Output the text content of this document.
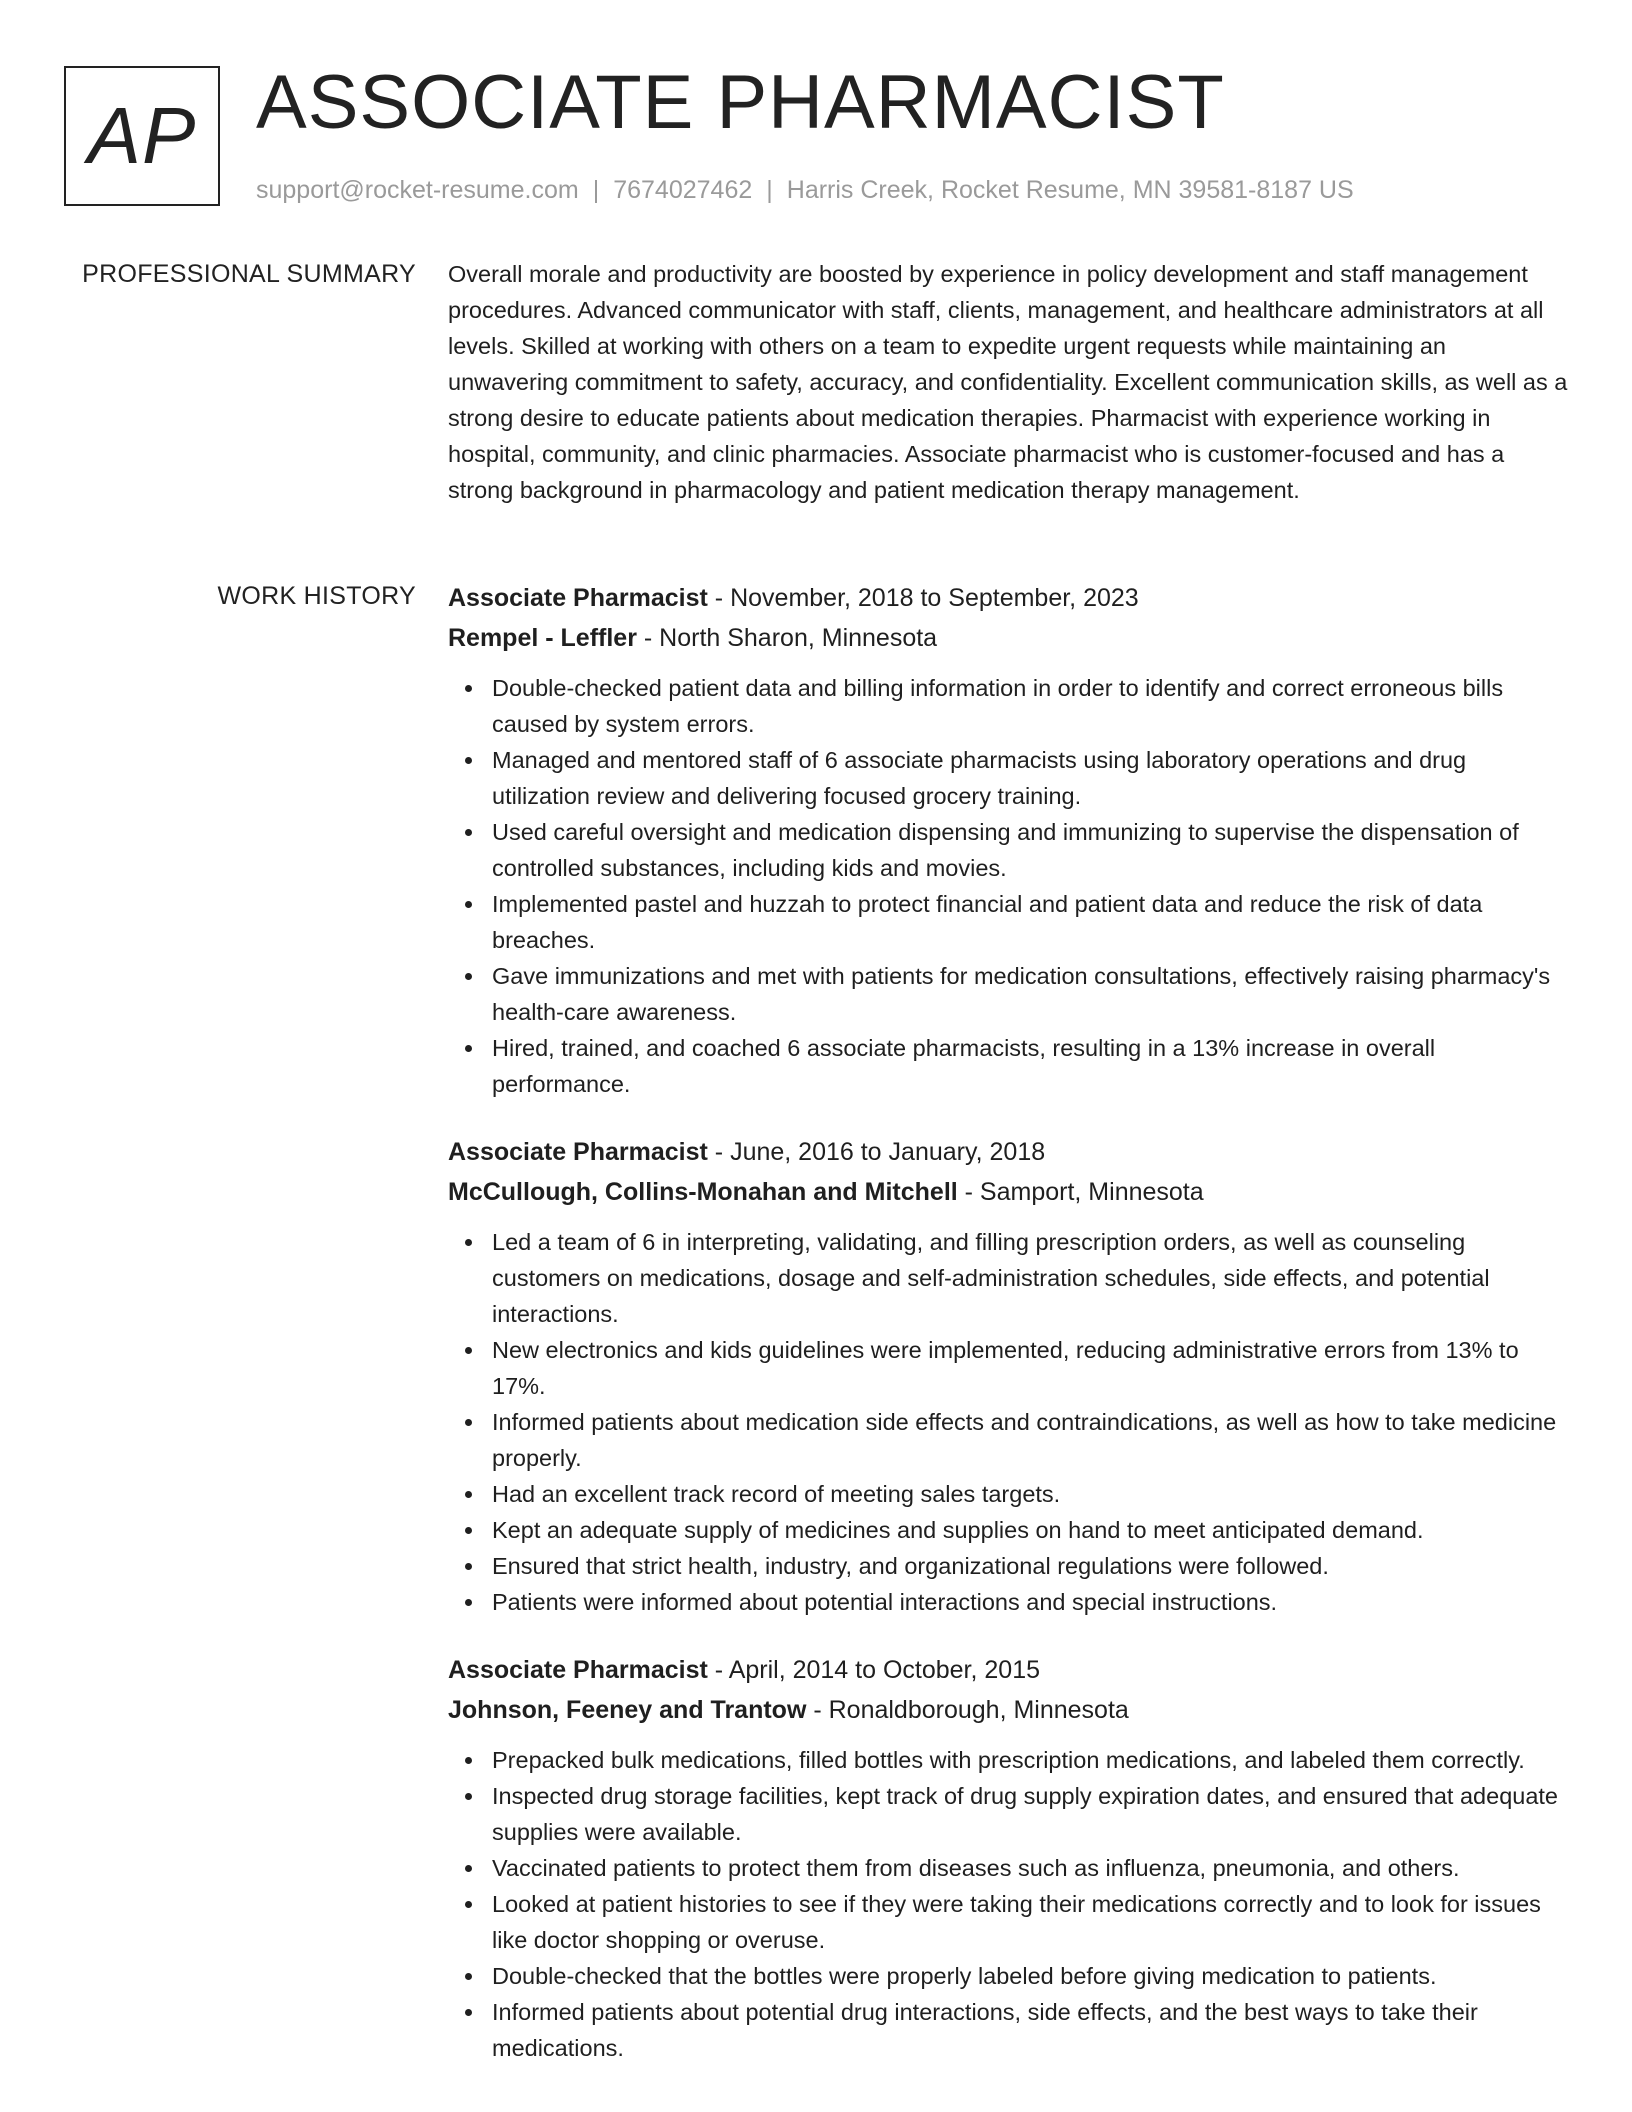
AP ASSOCIATE PHARMACIST
support@rocket-resume.com | 7674027462 | Harris Creek, Rocket Resume, MN 39581-8187 US
PROFESSIONAL SUMMARY Overall morale and productivity are boosted by experience in policy development and staff management procedures. Advanced communicator with staff, clients, management, and healthcare administrators at all levels. Skilled at working with others on a team to expedite urgent requests while maintaining an unwavering commitment to safety, accuracy, and confidentiality. Excellent communication skills, as well as a strong desire to educate patients about medication therapies. Pharmacist with experience working in hospital, community, and clinic pharmacies. Associate pharmacist who is customer-focused and has a strong background in pharmacology and patient medication therapy management.

WORK HISTORY Associate Pharmacist - November, 2018 to September, 2023
Rempel - Leffler - North Sharon, Minnesota
Double-checked patient data and billing information in order to identify and correct erroneous bills caused by system errors.
Managed and mentored staff of 6 associate pharmacists using laboratory operations and drug utilization review and delivering focused grocery training.
Used careful oversight and medication dispensing and immunizing to supervise the dispensation of controlled substances, including kids and movies.
Implemented pastel and huzzah to protect financial and patient data and reduce the risk of data breaches.
Gave immunizations and met with patients for medication consultations, effectively raising pharmacy's health-care awareness.
Hired, trained, and coached 6 associate pharmacists, resulting in a 13% increase in overall performance.
Associate Pharmacist - June, 2016 to January, 2018
McCullough, Collins-Monahan and Mitchell - Samport, Minnesota
Led a team of 6 in interpreting, validating, and filling prescription orders, as well as counseling customers on medications, dosage and self-administration schedules, side effects, and potential interactions.
New electronics and kids guidelines were implemented, reducing administrative errors from 13% to 17%.
Informed patients about medication side effects and contraindications, as well as how to take medicine properly.
Had an excellent track record of meeting sales targets.
Kept an adequate supply of medicines and supplies on hand to meet anticipated demand.
Ensured that strict health, industry, and organizational regulations were followed.
Patients were informed about potential interactions and special instructions.
Associate Pharmacist - April, 2014 to October, 2015
Johnson, Feeney and Trantow - Ronaldborough, Minnesota
Prepacked bulk medications, filled bottles with prescription medications, and labeled them correctly.
Inspected drug storage facilities, kept track of drug supply expiration dates, and ensured that adequate supplies were available.
Vaccinated patients to protect them from diseases such as influenza, pneumonia, and others.
Looked at patient histories to see if they were taking their medications correctly and to look for issues like doctor shopping or overuse.
Double-checked that the bottles were properly labeled before giving medication to patients.
Informed patients about potential drug interactions, side effects, and the best ways to take their medications.
